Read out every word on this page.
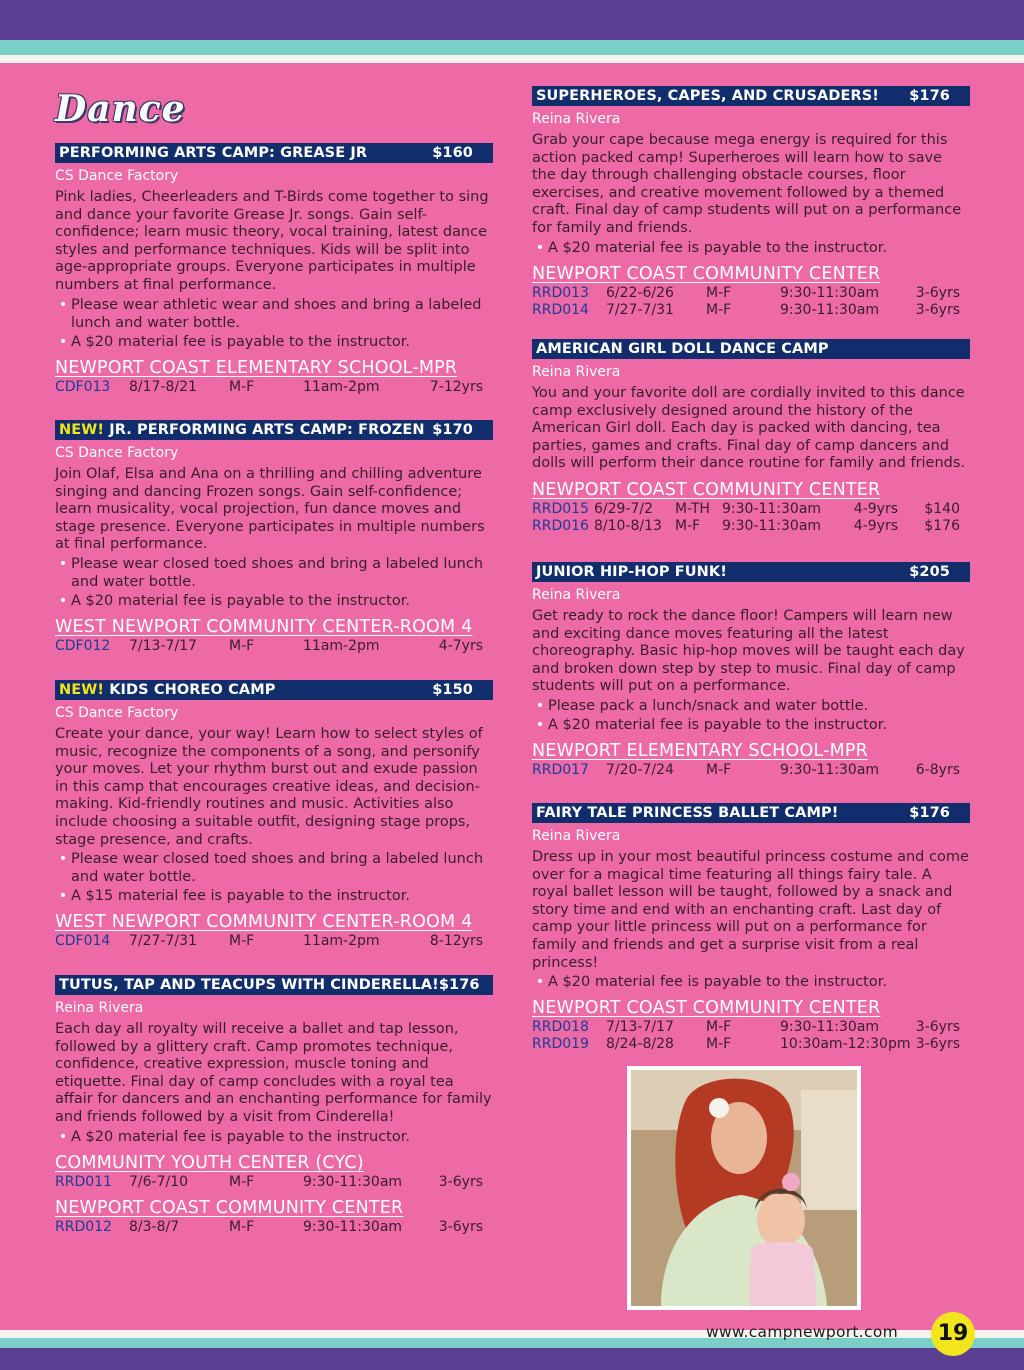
Dance
PERFORMING ARTS CAMP: GREASE JR	$160
CS Dance Factory
Pink ladies, Cheerleaders and T-Birds come together to sing and dance your favorite Grease Jr. songs. Gain self-confidence; learn music theory, vocal training, latest dance styles and performance techniques. Kids will be split into age-appropriate groups. Everyone participates in multiple numbers at final performance.
• Please wear athletic wear and shoes and bring a labeled lunch and water bottle.
• A $20 material fee is payable to the instructor.
NEWPORT COAST ELEMENTARY SCHOOL-MPR
CDF013 8/17-8/21 M-F	11am-2pm	7-12yrs
NEW! JR. PERFORMING ARTS CAMP: FROZEN $170
CS Dance Factory
Join Olaf, Elsa and Ana on a thrilling and chilling adventure singing and dancing Frozen songs. Gain self-confidence; learn musicality, vocal projection, fun dance moves and stage presence. Everyone participates in multiple numbers at final performance.
• Please wear closed toed shoes and bring a labeled lunch and water bottle.
• A $20 material fee is payable to the instructor.
WEST NEWPORT COMMUNITY CENTER-ROOM 4
CDF012 7/13-7/17 M-F	11am-2pm	4-7yrs
NEW! KIDS CHOREO CAMP	$150
CS Dance Factory
Create your dance, your way! Learn how to select styles of music, recognize the components of a song, and personify your moves. Let your rhythm burst out and exude passion in this camp that encourages creative ideas, and decision-making. Kid-friendly routines and music. Activities also include choosing a suitable outfit, designing stage props, stage presence, and crafts.
• Please wear closed toed shoes and bring a labeled lunch and water bottle.
• A $15 material fee is payable to the instructor.
WEST NEWPORT COMMUNITY CENTER-ROOM 4
CDF014 7/27-7/31 M-F	11am-2pm	8-12yrs
TUTUS, TAP AND TEACUPS WITH CINDERELLA! $176
Reina Rivera
Each day all royalty will receive a ballet and tap lesson, followed by a glittery craft. Camp promotes technique, confidence, creative expression, muscle toning and etiquette. Final day of camp concludes with a royal tea affair for dancers and an enchanting performance for family and friends followed by a visit from Cinderella!
• A $20 material fee is payable to the instructor.
COMMUNITY YOUTH CENTER (CYC)
RRD011 7/6-7/10	M-F	9:30-11:30am	3-6yrs
NEWPORT COAST COMMUNITY CENTER
RRD012 8/3-8/7	M-F	9:30-11:30am	3-6yrs
SUPERHEROES, CAPES, AND CRUSADERS! $176
Reina Rivera
Grab your cape because mega energy is required for this action packed camp! Superheroes will learn how to save the day through challenging obstacle courses, floor exercises, and creative movement followed by a themed craft. Final day of camp students will put on a performance for family and friends.
• A $20 material fee is payable to the instructor.
NEWPORT COAST COMMUNITY CENTER
RRD013 6/22-6/26 M-F	9:30-11:30am	3-6yrs
RRD014 7/27-7/31 M-F	9:30-11:30am	3-6yrs
AMERICAN GIRL DOLL DANCE CAMP
Reina Rivera
You and your favorite doll are cordially invited to this dance camp exclusively designed around the history of the American Girl doll. Each day is packed with dancing, tea parties, games and crafts. Final day of camp dancers and dolls will perform their dance routine for family and friends.
NEWPORT COAST COMMUNITY CENTER
RRD015 6/29-7/2 M-TH 9:30-11:30am 4-9yrs $140
RRD016 8/10-8/13 M-F 9:30-11:30am 4-9yrs $176
JUNIOR HIP-HOP FUNK!	$205
Reina Rivera
Get ready to rock the dance floor! Campers will learn new and exciting dance moves featuring all the latest choreography. Basic hip-hop moves will be taught each day and broken down step by step to music. Final day of camp students will put on a performance.
• Please pack a lunch/snack and water bottle.
• A $20 material fee is payable to the instructor.
NEWPORT ELEMENTARY SCHOOL-MPR
RRD017 7/20-7/24 M-F	9:30-11:30am	6-8yrs
FAIRY TALE PRINCESS BALLET CAMP!	$176
Reina Rivera
Dress up in your most beautiful princess costume and come over for a magical time featuring all things fairy tale. A royal ballet lesson will be taught, followed by a snack and story time and end with an enchanting craft. Last day of camp your little princess will put on a performance for family and friends and get a surprise visit from a real princess!
• A $20 material fee is payable to the instructor.
NEWPORT COAST COMMUNITY CENTER
RRD018 7/13-7/17 M-F	9:30-11:30am	3-6yrs
RRD019 8/24-8/28 M-F	10:30am-12:30pm 3-6yrs
www.campnewport.com	19
